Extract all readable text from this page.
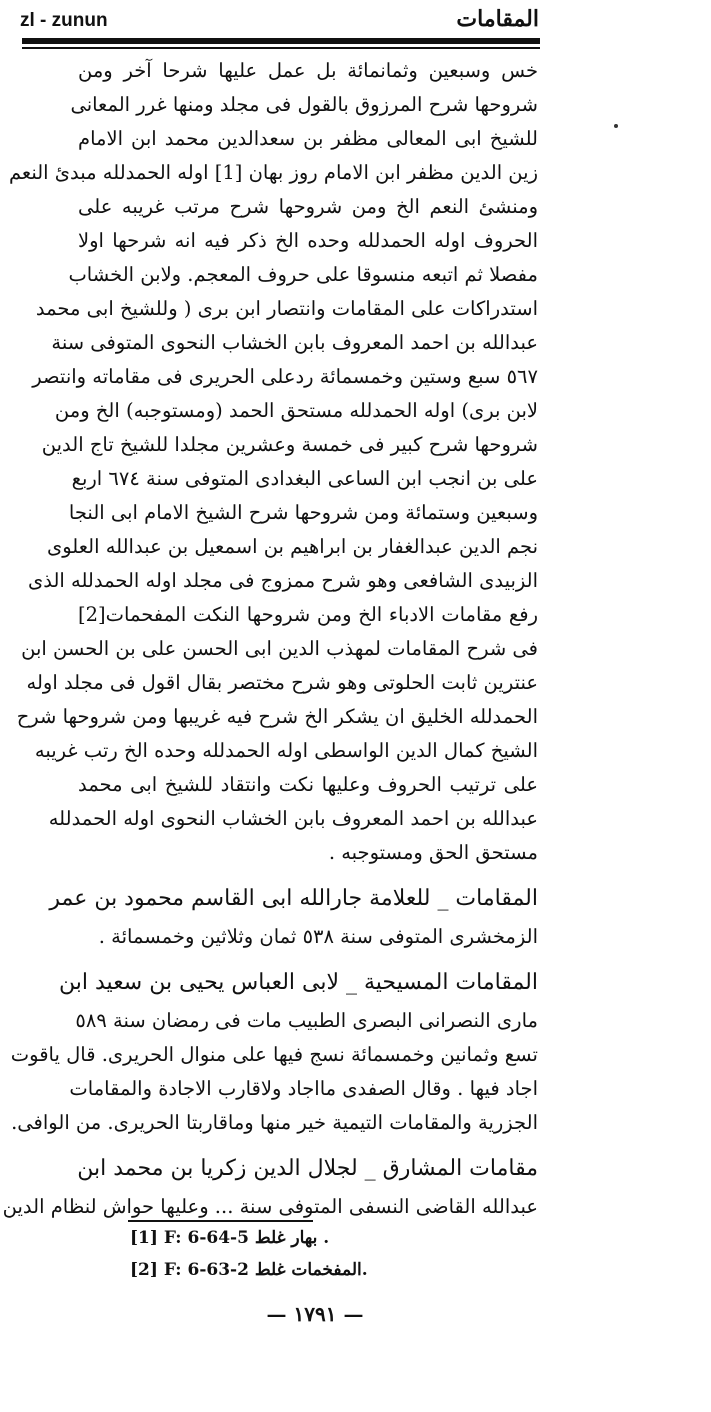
zl - zunun	المقامات
خس وسبعين وثمانمائة بل عمل عليها شرحا آخر ومن
شروحها شرح المرزوق بالقول فى مجلد ومنها غرر المعانى
للشيخ ابى المعالى مظفر بن سعدالدين محمد ابن الامام
زين الدين مظفر ابن الامام روز بهان [1] اوله الحمدلله مبدئ النعم
ومنشئ النعم الخ ومن شروحها شرح مرتب غريبه على
الحروف اوله الحمدلله وحده الخ ذكر فيه انه شرحها اولا
مفصلا ثم اتبعه منسوقا على حروف المعجم. ولابن الخشاب
استدراكات على المقامات وانتصار ابن برى ( وللشيخ ابى محمد
عبدالله بن احمد المعروف بابن الخشاب النحوى المتوفى سنة
٥٦٧ سبع وستين وخمسمائة ردعلى الحريرى فى مقاماته وانتصر
لابن برى) اوله الحمدلله مستحق الحمد (ومستوجبه) الخ ومن
شروحها شرح كبير فى خمسة وعشرين مجلدا للشيخ تاج الدين
على بن انجب ابن الساعى البغدادى المتوفى سنة ٦٧٤ اربع
وسبعين وستمائة ومن شروحها شرح الشيخ الامام ابى النجا
نجم الدين عبدالغفار بن ابراهيم بن اسمعيل بن عبدالله العلوى
الزبيدى الشافعى وهو شرح ممزوج فى مجلد اوله الحمدلله الذى
رفع مقامات الادباء الخ ومن شروحها النكت المفحمات[2]
فى شرح المقامات لمهذب الدين ابى الحسن على بن الحسن ابن
عنترين ثابت الحلوتى وهو شرح مختصر بقال اقول فى مجلد اوله
الحمدلله الخليق ان يشكر الخ شرح فيه غريبها ومن شروحها شرح
الشيخ كمال الدين الواسطى اوله الحمدلله وحده الخ رتب غريبه
على ترتيب الحروف وعليها نكت وانتقاد للشيخ ابى محمد
عبدالله بن احمد المعروف بابن الخشاب النحوى اوله الحمدلله
مستحق الحق ومستوجبه .
المقامات _ للعلامة جارالله ابى القاسم محمود بن عمر
الزمخشرى المتوفى سنة ٥٣٨ ثمان وثلاثين وخمسمائة .
المقامات المسيحية _ لابى العباس يحيى بن سعيد ابن
مارى النصرانى البصرى الطبيب مات فى رمضان سنة ٥٨٩
تسع وثمانين وخمسمائة نسج فيها على منوال الحريرى. قال ياقوت
اجاد فيها . وقال الصفدى مااجاد ولاقارب الاجادة والمقامات
الجزرية والمقامات التيمية خير منها وماقاربتا الحريرى. من الوافى.
مقامات المشارق _ لجلال الدين زكريا بن محمد ابن
عبدالله القاضى النسفى المتوفى سنة ... وعليها حواش لنظام الدين
[1] F: 6-64-5 بهار غلط .
[2] F: 6-63-2 المفخمات غلط.
— ١٧٩١ —
